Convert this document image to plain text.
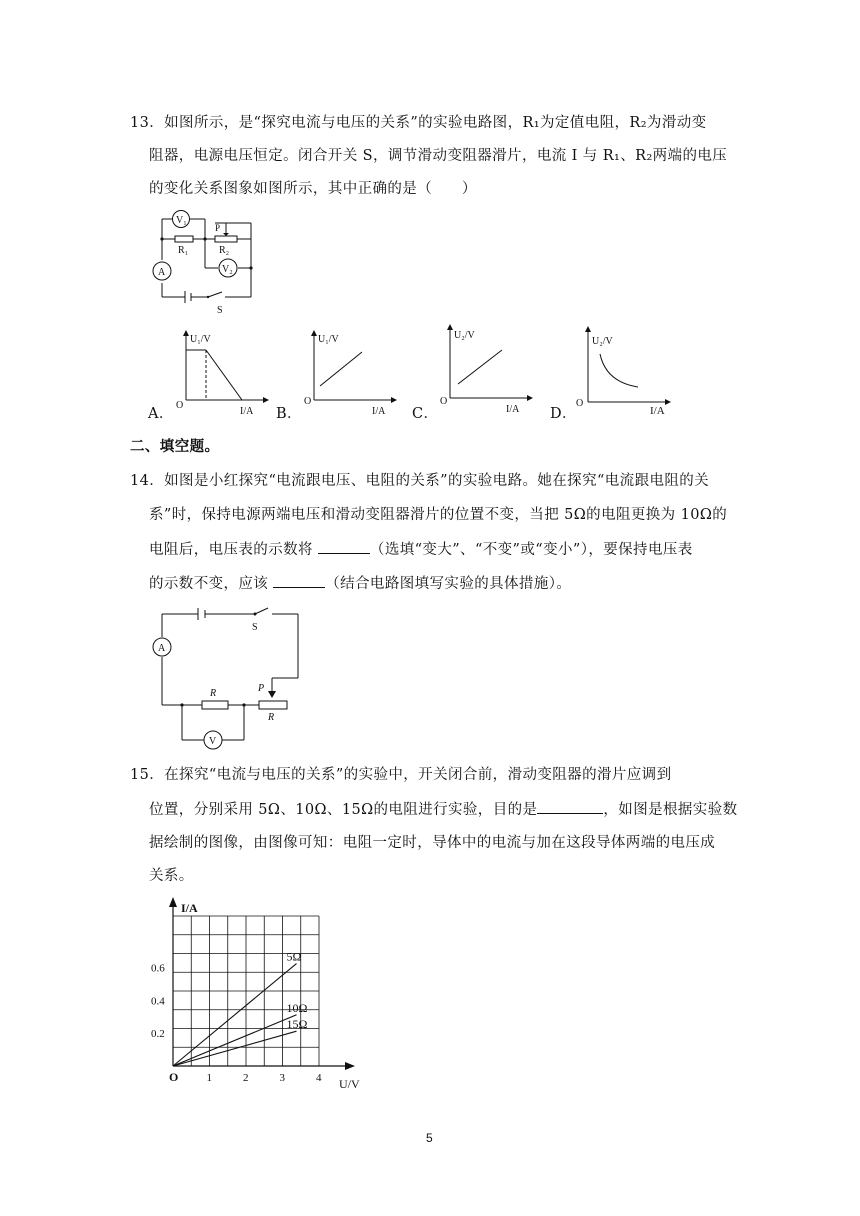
13．如图所示，是“探究电流与电压的关系”的实验电路图，R₁为定值电阻，R₂为滑动变
阻器，电源电压恒定。闭合开关 S，调节滑动变阻器滑片，电流 I 与 R₁、R₂两端的电压
的变化关系图象如图所示，其中正确的是（　　）
V₁
R₁
P
R₂
A	V₂
S
A．
U₁/V
O
I/A B．
U₁/V
O
I/A C．
U₂/V
O
I/A D．
U₂/V
O
I/A
二、填空题。
14．如图是小红探究“电流跟电压、电阻的关系”的实验电路。她在探究“电流跟电阻的关
系”时，保持电源两端电压和滑动变阻器滑片的位置不变，当把 5Ω的电阻更换为 10Ω的
电阻后，电压表的示数将	（选填“变大”、“不变”或“变小”），要保持电压表
的示数不变，应该	（结合电路图填写实验的具体措施）。
A
S
R	P
R
V
15．在探究“电流与电压的关系”的实验中，开关闭合前，滑动变阻器的滑片应调到
位置，分别采用 5Ω、10Ω、15Ω的电阻进行实验，目的是	，如图是根据实验数
据绘制的图像，由图像可知：电阻一定时，导体中的电流与加在这段导体两端的电压成
关系。
5Ω
10Ω
15Ω
1	2	3	4
0.2
0.4
0.6
I/A
U/V
O
5
